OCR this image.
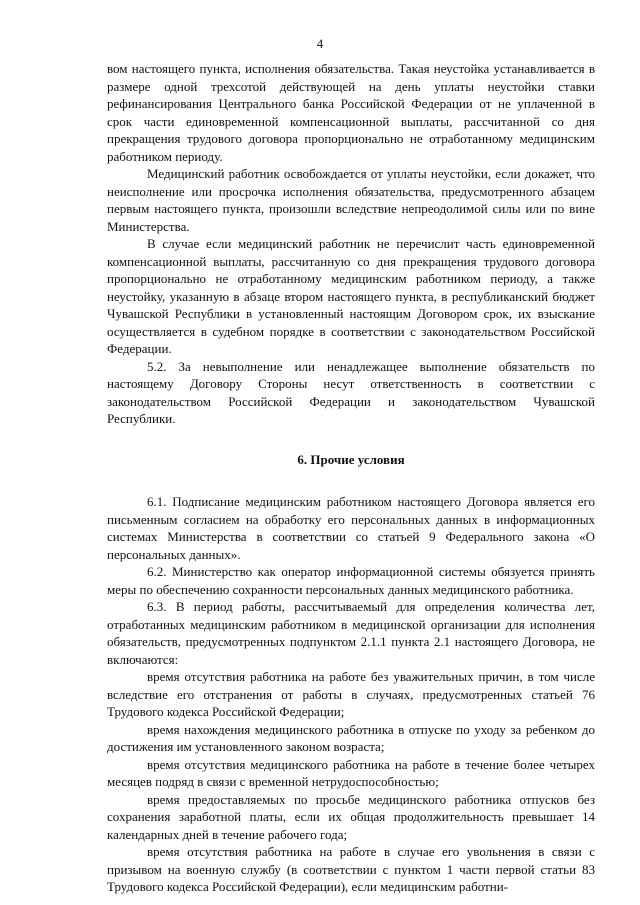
4

вом настоящего пункта, исполнения обязательства. Такая неустойка устанавливается в размере одной трехсотой действующей на день уплаты неустойки ставки рефинансирования Центрального банка Российской Федерации от не уплаченной в срок части единовременной компенсационной выплаты, рассчитанной со дня прекращения трудового договора пропорционально не отработанному медицинским работником периоду.

Медицинский работник освобождается от уплаты неустойки, если докажет, что неисполнение или просрочка исполнения обязательства, предусмотренного абзацем первым настоящего пункта, произошли вследствие непреодолимой силы или по вине Министерства.

В случае если медицинский работник не перечислит часть единовременной компенсационной выплаты, рассчитанную со дня прекращения трудового договора пропорционально не отработанному медицинским работником периоду, а также неустойку, указанную в абзаце втором настоящего пункта, в республиканский бюджет Чувашской Республики в установленный настоящим Договором срок, их взыскание осуществляется в судебном порядке в соответствии с законодательством Российской Федерации.

5.2. За невыполнение или ненадлежащее выполнение обязательств по настоящему Договору Стороны несут ответственность в соответствии с законодательством Российской Федерации и законодательством Чувашской Республики.

6. Прочие условия

6.1. Подписание медицинским работником настоящего Договора является его письменным согласием на обработку его персональных данных в информационных системах Министерства в соответствии со статьей 9 Федерального закона «О персональных данных».

6.2. Министерство как оператор информационной системы обязуется принять меры по обеспечению сохранности персональных данных медицинского работника.

6.3. В период работы, рассчитываемый для определения количества лет, отработанных медицинским работником в медицинской организации для исполнения обязательств, предусмотренных подпунктом 2.1.1 пункта 2.1 настоящего Договора, не включаются:

время отсутствия работника на работе без уважительных причин, в том числе вследствие его отстранения от работы в случаях, предусмотренных статьей 76 Трудового кодекса Российской Федерации;

время нахождения медицинского работника в отпуске по уходу за ребенком до достижения им установленного законом возраста;

время отсутствия медицинского работника на работе в течение более четырех месяцев подряд в связи с временной нетрудоспособностью;

время предоставляемых по просьбе медицинского работника отпусков без сохранения заработной платы, если их общая продолжительность превышает 14 календарных дней в течение рабочего года;

время отсутствия работника на работе в случае его увольнения в связи с призывом на военную службу (в соответствии с пунктом 1 части первой статьи 83 Трудового кодекса Российской Федерации), если медицинским работни-
